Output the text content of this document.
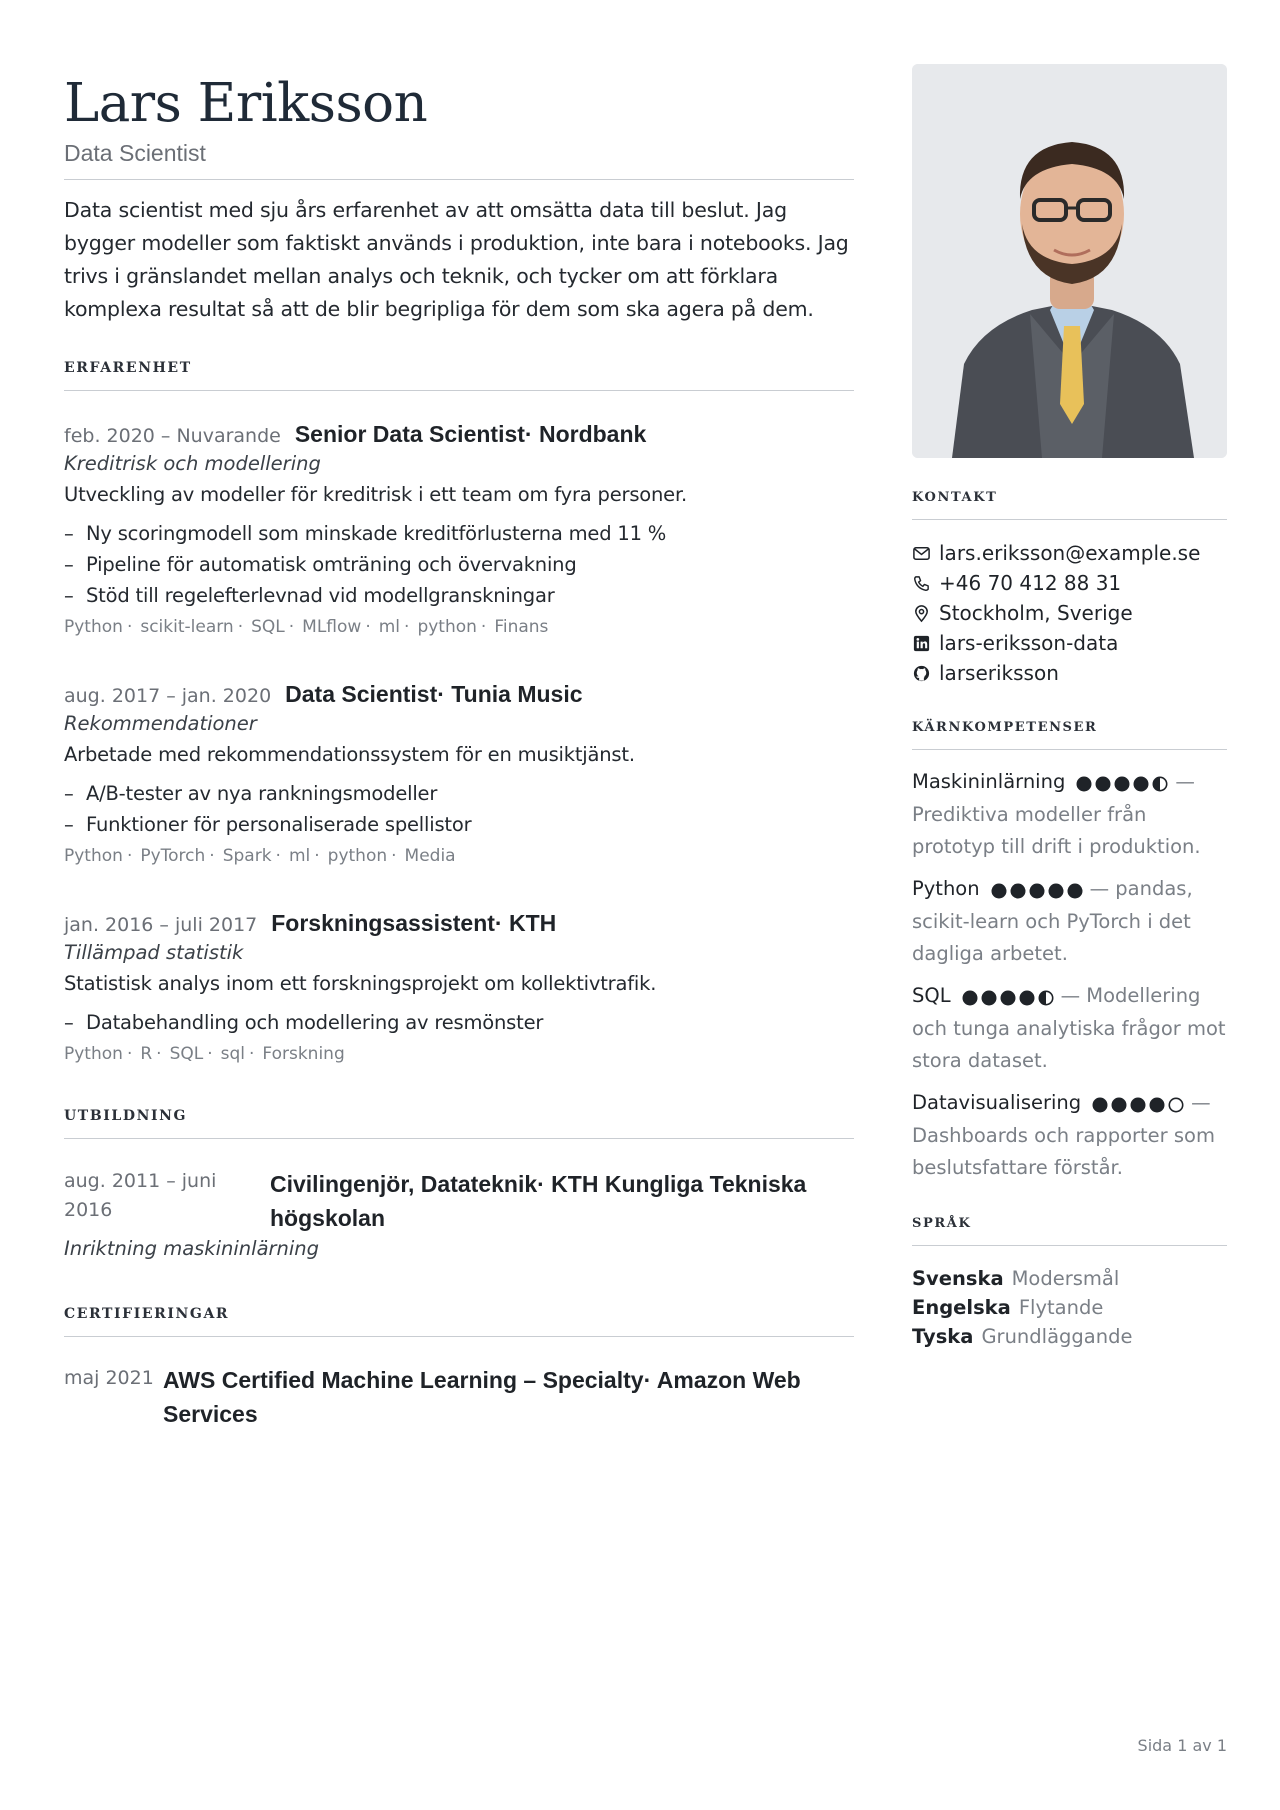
Lars Eriksson
Data Scientist

Data scientist med sju års erfarenhet av att omsätta data till beslut. Jag bygger modeller som faktiskt används i produktion, inte bara i notebooks. Jag trivs i gränslandet mellan analys och teknik, och tycker om att förklara komplexa resultat så att de blir begripliga för dem som ska agera på dem.

ERFARENHET
feb. 2020 – Nuvarande Senior Data Scientist· Nordbank
Kreditrisk och modellering
Utveckling av modeller för kreditrisk i ett team om fyra personer.
– Ny scoringmodell som minskade kreditförlusterna med 11 %
– Pipeline för automatisk omträning och övervakning
– Stöd till regelefterlevnad vid modellgranskningar
Python · scikit-learn · SQL · MLflow · ml · python · Finans
aug. 2017 – jan. 2020 Data Scientist· Tunia Music
Rekommendationer
Arbetade med rekommendationssystem för en musiktjänst.
– A/B-tester av nya rankningsmodeller
– Funktioner för personaliserade spellistor
Python · PyTorch · Spark · ml · python · Media
jan. 2016 – juli 2017 Forskningsassistent· KTH
Tillämpad statistik
Statistisk analys inom ett forskningsprojekt om kollektivtrafik.
– Databehandling och modellering av resmönster
Python · R · SQL · sql · Forskning
UTBILDNING
aug. 2011 – juni 2016
Civilingenjör, Datateknik· KTH Kungliga Tekniska högskolan
Inriktning maskininlärning
CERTIFIERINGAR
maj 2021 AWS Certified Machine Learning – Specialty· Amazon Web Services
KONTAKT
lars.eriksson@example.se
+46 70 412 88 31
Stockholm, Sverige
lars-eriksson-data
larseriksson
KÄRNKOMPETENSER
Maskininlärning	— Prediktiva modeller från prototyp till drift i produktion.
Python	— pandas, scikit-learn och PyTorch i det dagliga arbetet.
SQL	— Modellering och tunga analytiska frågor mot stora dataset.
Datavisualisering	— Dashboards och rapporter som beslutsfattare förstår.
SPRÅK
Svenska Modersmål
Engelska Flytande
Tyska Grundläggande
Sida 1 av 1
